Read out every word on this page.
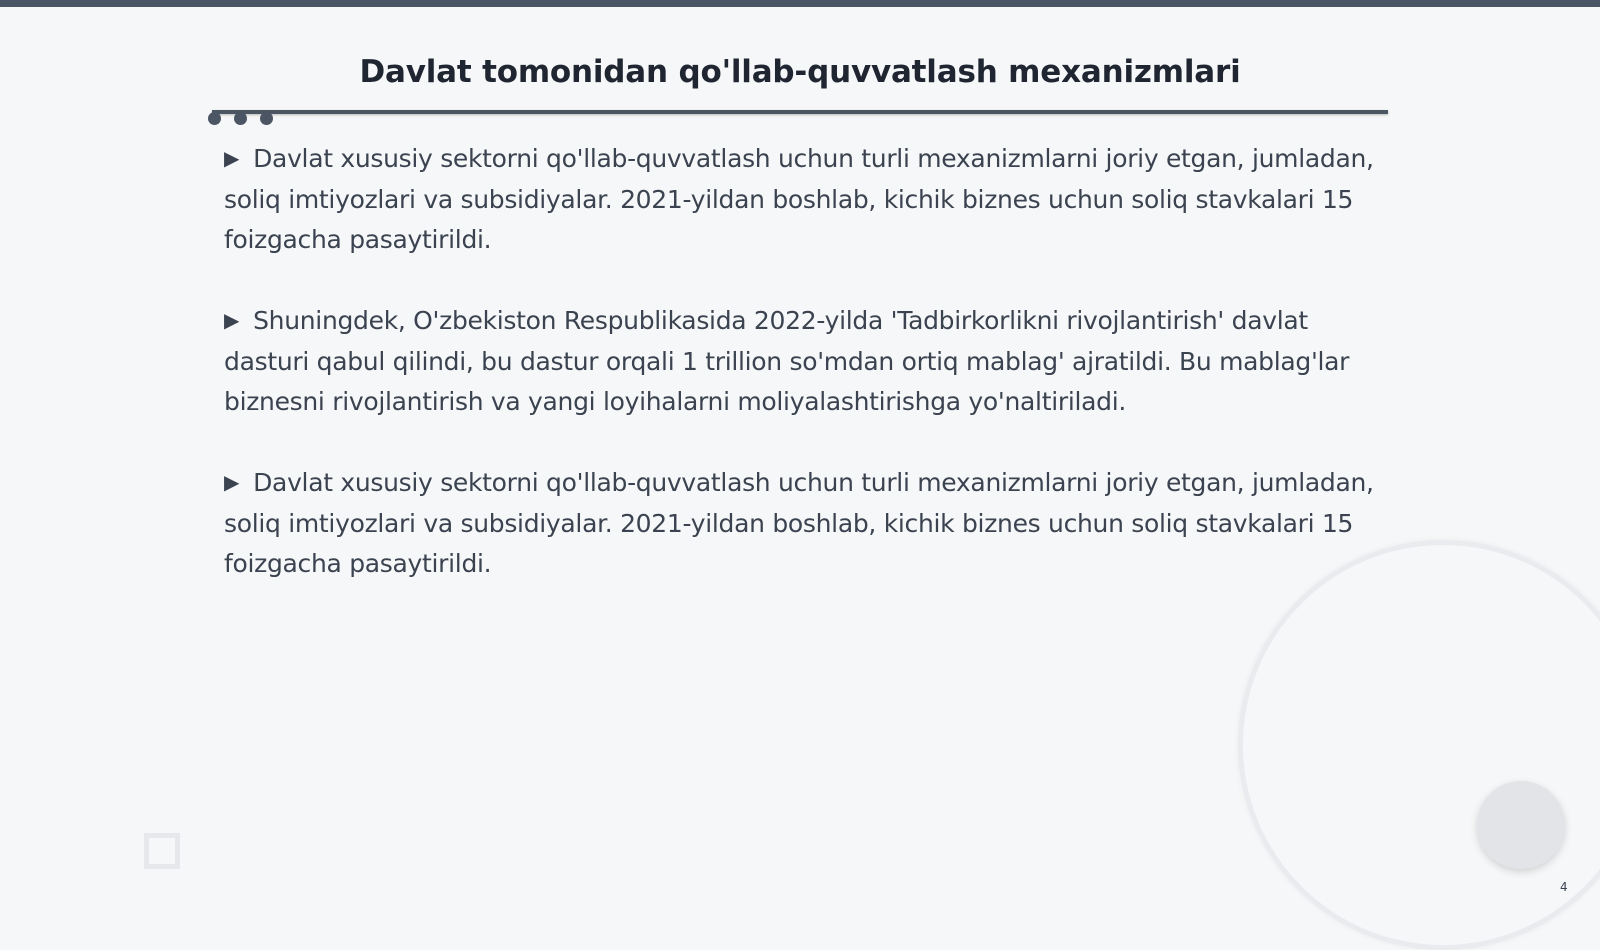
Davlat tomonidan qo'llab-quvvatlash mexanizmlari

▶ Davlat xususiy sektorni qo'llab-quvvatlash uchun turli mexanizmlarni joriy etgan, jumladan, soliq imtiyozlari va subsidiyalar. 2021-yildan boshlab, kichik biznes uchun soliq stavkalari 15 foizgacha pasaytirildi.

▶ Shuningdek, O'zbekiston Respublikasida 2022-yilda 'Tadbirkorlikni rivojlantirish' davlat dasturi qabul qilindi, bu dastur orqali 1 trillion so'mdan ortiq mablag' ajratildi. Bu mablag'lar biznesni rivojlantirish va yangi loyihalarni moliyalashtirishga yo'naltiriladi.

▶ Davlat xususiy sektorni qo'llab-quvvatlash uchun turli mexanizmlarni joriy etgan, jumladan, soliq imtiyozlari va subsidiyalar. 2021-yildan boshlab, kichik biznes uchun soliq stavkalari 15 foizgacha pasaytirildi.

4
